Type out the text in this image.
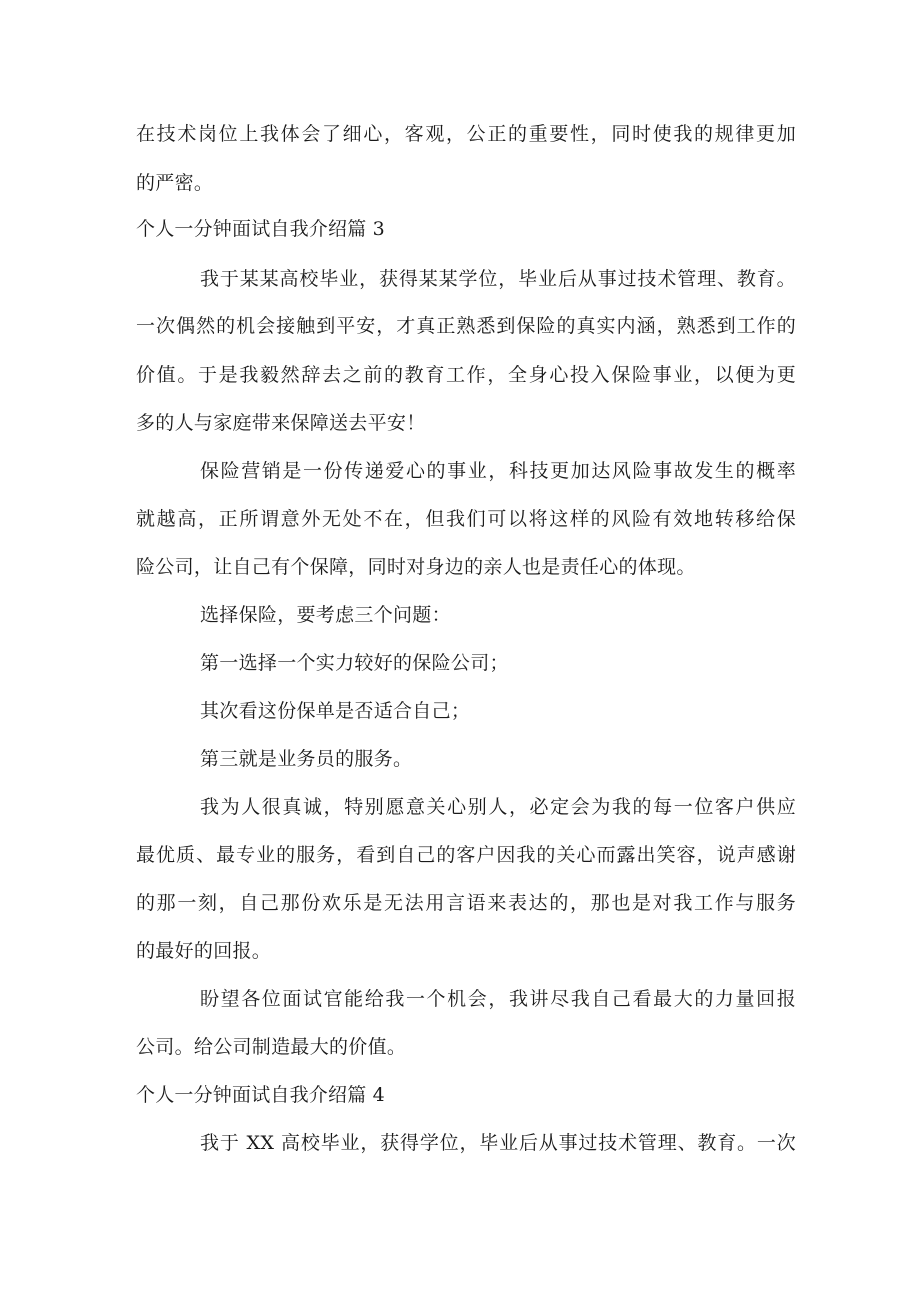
在技术岗位上我体会了细心，客观，公正的重要性，同时使我的规律更加
的严密。
个人一分钟面试自我介绍篇 3
我于某某高校毕业，获得某某学位，毕业后从事过技术管理、教育。
一次偶然的机会接触到平安，才真正熟悉到保险的真实内涵，熟悉到工作的
价值。于是我毅然辞去之前的教育工作，全身心投入保险事业，以便为更
多的人与家庭带来保障送去平安！
保险营销是一份传递爱心的事业，科技更加达风险事故发生的概率
就越高，正所谓意外无处不在，但我们可以将这样的风险有效地转移给保
险公司，让自己有个保障，同时对身边的亲人也是责任心的体现。
选择保险，要考虑三个问题：
第一选择一个实力较好的保险公司；
其次看这份保单是否适合自己；
第三就是业务员的服务。
我为人很真诚，特别愿意关心别人，必定会为我的每一位客户供应
最优质、最专业的服务，看到自己的客户因我的关心而露出笑容，说声感谢
的那一刻，自己那份欢乐是无法用言语来表达的，那也是对我工作与服务
的最好的回报。
盼望各位面试官能给我一个机会，我讲尽我自己看最大的力量回报
公司。给公司制造最大的价值。
个人一分钟面试自我介绍篇 4
我于 XX 高校毕业，获得学位，毕业后从事过技术管理、教育。一次
